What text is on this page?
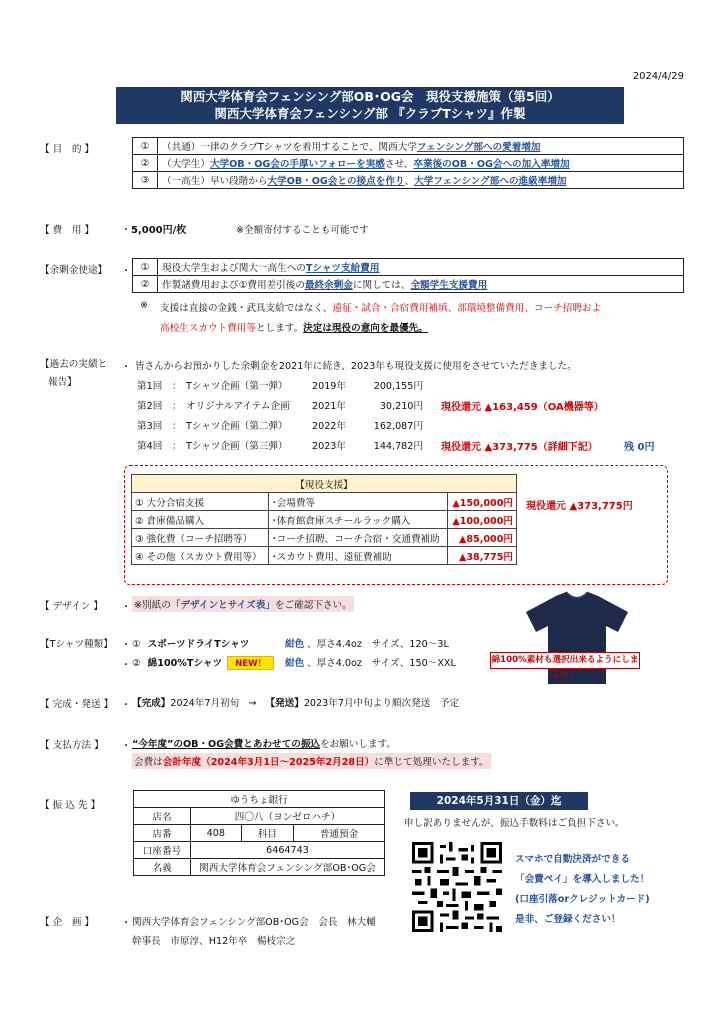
2024/4/29
関西大学体育会フェンシング部OB･OG会　現役支援施策（第5回）
関西大学体育会フェンシング部 『クラブTシャツ』作製
【 目　的 】	①	（共通）一律のクラブTシャツを着用することで、関西大学フェンシング部への愛着増加
②	（大学生）大学OB・OG会の手厚いフォローを実感させ、卒業後のOB・OG会への加入率増加
③	（一高生）早い段階から大学OB・OG会との接点を作り、大学フェンシング部への進級率増加
【 費　用 】	・ 5,000円/枚	※全額寄付することも可能です
【余剰金使途】 ・ ①	現役大学生および関大一高生へのTシャツ支給費用
②	作製諸費用および①費用差引後の最終余剰金に関しては、全額学生支援費用
※ 支援は直接の金銭・武具支給ではなく、遠征・試合・合宿費用補填、部環境整備費用、コーチ招聘およ
高校生スカウト費用等とします。決定は現役の意向を最優先。
【過去の実績と
報告】
・ 皆さんからお預かりした余剰金を2021年に続き、2023年も現役支援に使用をさせていただきました。
第1回 ： Tシャツ企画（第一弾）	2019年	200,155円
第2回 ： オリジナルアイテム企画 2021年	30,210円 現役還元 ▲163,459（OA機器等）
第3回 ： Tシャツ企画（第二弾）	2022年	162,087円
第4回 ： Tシャツ企画（第三弾）	2023年	144,782円 現役還元 ▲373,775（詳細下記）	残 0円
【現役支援】		
① 大分合宿支援	･会場費等	▲150,000円
② 倉庫備品購入	･体育館倉庫スチールラック購入	▲100,000円
③ 強化費（コーチ招聘等）	･コーチ招聘、コーチ合宿・交通費補助	▲85,000円
④ その他（スカウト費用等）	･スカウト費用、遠征費補助	▲38,775円
現役還元 ▲373,775円
【 デザイン 】 ・ ※別紙の「デザインとサイズ表」をご確認下さい。
綿100%素材も選択出来るようにしました！
【Tシャツ種類】 ・ ① スポーツドライTシャツ	紺色 、厚さ4.4oz　サイズ、120～3L
・ ② 綿100%Tシャツ NEW！ 紺色 、厚さ4.0oz　サイズ、150～XXL
【 完成・発送 】 ・ 【完成】2024年7月初旬 → 【発送】2023年7月中旬より順次発送　予定
【 支払方法 】 ・ “今年度”のOB・OG会費とあわせての振込をお願いします。
会費は会計年度（2024年3月1日～2025年2月28日）に準じて処理いたします。
【 振 込 先 】	ゆうちょ銀行			
店名	四〇八（ヨンゼロハチ）		
店番	408	科目	普通預金
口座番号	6464743		
名義	関西大学体育会フェンシング部OB･OG会		
2024年5月31日（金）迄
申し訳ありませんが、振込手数料はご負担下さい。
スマホで自動決済ができる
「会費ペイ」を導入しました！
(口座引落orクレジットカード)
是非、ご登録ください！
【 企　画 】	・ 関西大学体育会フェンシング部OB･OG会　会長　林大輔
幹事長　市原淳、H12年卒　楊枝宗之
